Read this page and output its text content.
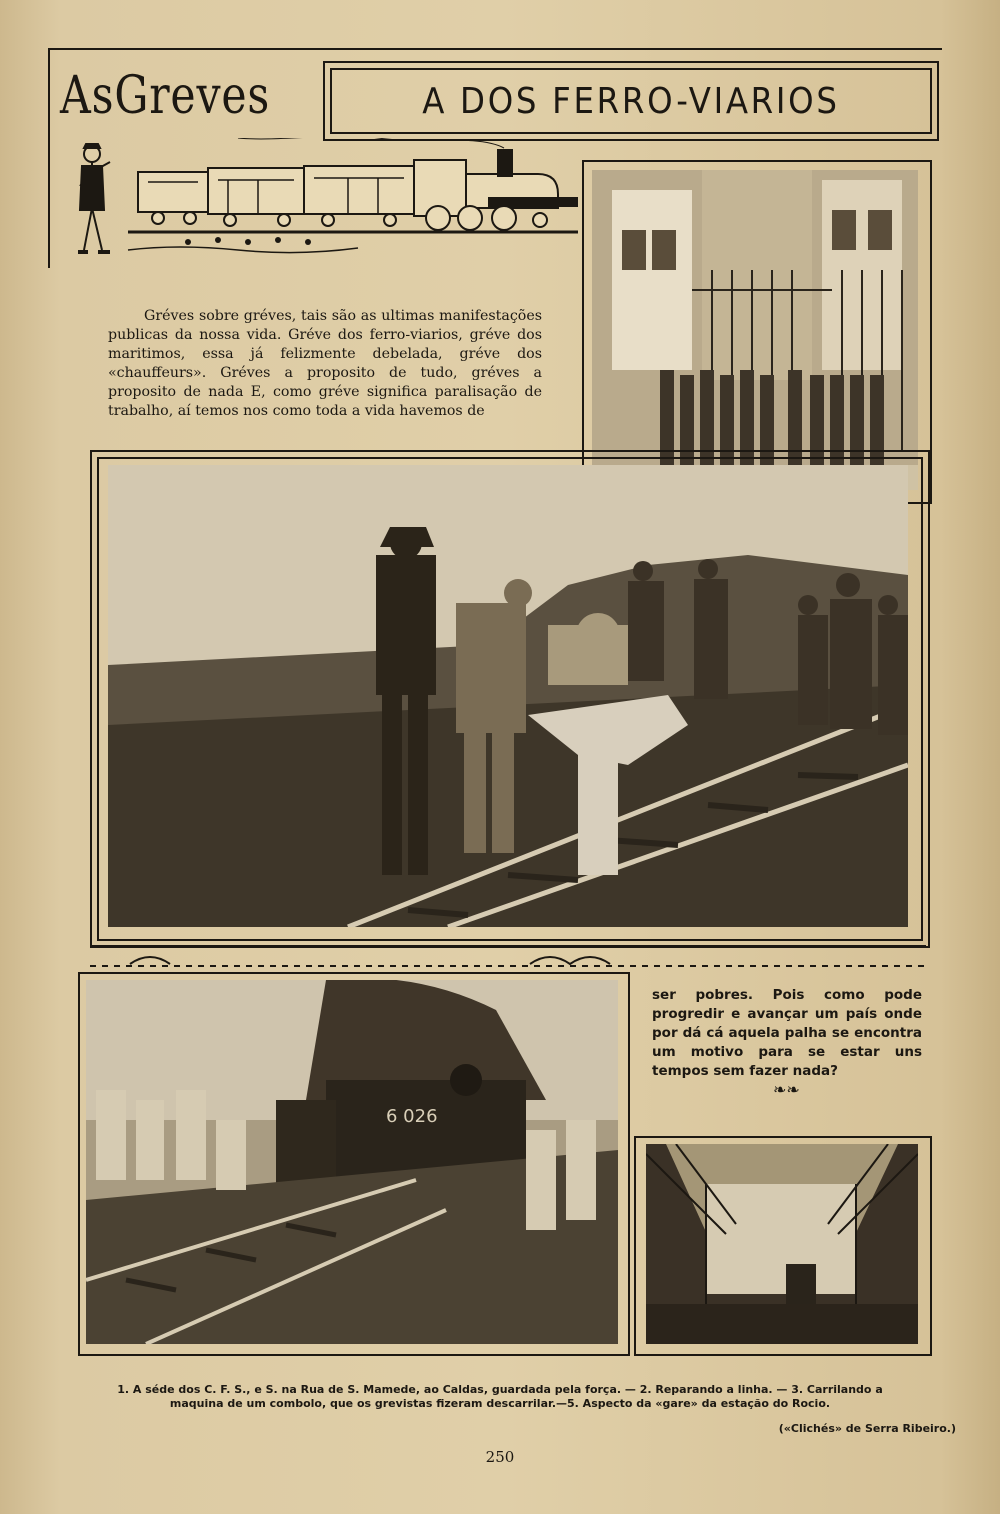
AsGreves	A DOS FERRO-VIARIOS
Gréves sobre gréves, tais são as ultimas manifestações publicas da nossa vida. Gréve dos ferro-viarios, gréve dos maritimos, essa já felizmente debelada, gréve dos «chauffeurs». Gréves a proposito de tudo, gréves a proposito de nada E, como gréve significa paralisação de trabalho, aí temos nos como toda a vida havemos de
6 026
ser pobres. Pois como pode progredir e avançar um país onde por dá cá aquela palha se encontra um motivo para se estar uns tempos sem fazer nada?
❧❧
1. A séde dos C. F. S., e S. na Rua de S. Mamede, ao Caldas, guardada pela força. — 2. Reparando a linha. — 3. Carrilando a
maquina de um combolo, que os grevistas fizeram descarrilar.—5. Aspecto da «gare» da estação do Rocio.
(«Clichés» de Serra Ribeiro.)
250
